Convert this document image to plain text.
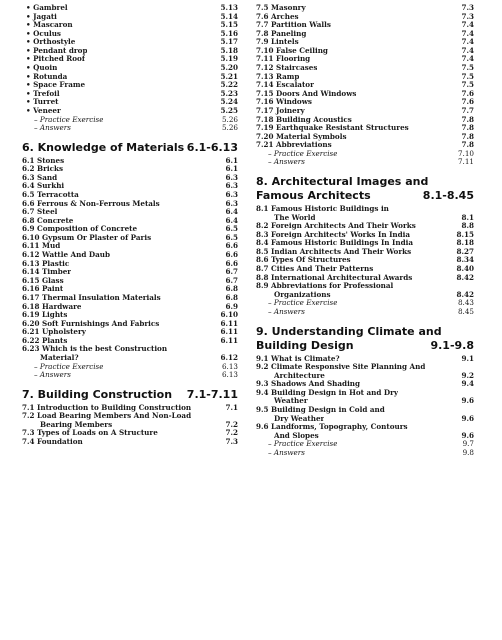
• Gambrel	5.13
• Jagati	5.14
• Mascaron	5.15
• Oculus	5.16
• Orthostyle	5.17
• Pendant drop	5.18
• Pitched Roof	5.19
• Quoin	5.20
• Rotunda	5.21
• Space Frame	5.22
• Trefoil	5.23
• Turret	5.24
• Veneer	5.25
– Practice Exercise	5.26
– Answers	5.26
6. Knowledge of Materials 6.1-6.13
6.1 Stones	6.1
6.2 Bricks	6.1
6.3 Sand	6.3
6.4 Surkhi	6.3
6.5 Terracotta	6.3
6.6 Ferrous & Non-Ferrous Metals	6.3
6.7 Steel	6.4
6.8 Concrete	6.4
6.9 Composition of Concrete	6.5
6.10 Gypsum Or Plaster of Paris	6.5
6.11 Mud	6.6
6.12 Wattle And Daub	6.6
6.13 Plastic	6.6
6.14 Timber	6.7
6.15 Glass	6.7
6.16 Paint	6.8
6.17 Thermal Insulation Materials	6.8
6.18 Hardware	6.9
6.19 Lights	6.10
6.20 Soft Furnishings And Fabrics	6.11
6.21 Upholstery	6.11
6.22 Plants	6.11
6.23 Which is the best Construction
Material?	6.12
– Practice Exercise	6.13
– Answers	6.13
7. Building Construction 7.1-7.11
7.1 Introduction to Building Construction	7.1
7.2 Load Bearing Members And Non-Load
Bearing Members	7.2
7.3 Types of Loads on A Structure	7.2
7.4 Foundation	7.3
7.5 Masonry	7.3
7.6 Arches	7.3
7.7 Partition Walls	7.4
7.8 Paneling	7.4
7.9 Lintels	7.4
7.10 False Ceiling	7.4
7.11 Flooring	7.4
7.12 Staircases	7.5
7.13 Ramp	7.5
7.14 Escalator	7.5
7.15 Doors And Windows	7.6
7.16 Windows	7.6
7.17 Joinery	7.7
7.18 Building Acoustics	7.8
7.19 Earthquake Resistant Structures	7.8
7.20 Material Symbols	7.8
7.21 Abbreviations	7.8
– Practice Exercise	7.10
– Answers	7.11
8. Architectural Images and
Famous Architects	8.1-8.45
8.1 Famous Historic Buildings in
The World	8.1
8.2 Foreign Architects And Their Works	8.8
8.3 Foreign Architects' Works In India	8.15
8.4 Famous Historic Buildings In India	8.18
8.5 Indian Architects And Their Works	8.27
8.6 Types Of Structures	8.34
8.7 Cities And Their Patterns	8.40
8.8 International Architectural Awards	8.42
8.9 Abbreviations for Professional
Organizations	8.42
– Practice Exercise	8.43
– Answers	8.45
9. Understanding Climate and
Building Design	9.1-9.8
9.1 What is Climate?	9.1
9.2 Climate Responsive Site Planning And
Architecture	9.2
9.3 Shadows And Shading	9.4
9.4 Building Design in Hot and Dry
Weather	9.6
9.5 Building Design in Cold and
Dry Weather	9.6
9.6 Landforms, Topography, Contours
And Slopes	9.6
– Practice Exercise	9.7
– Answers	9.8
